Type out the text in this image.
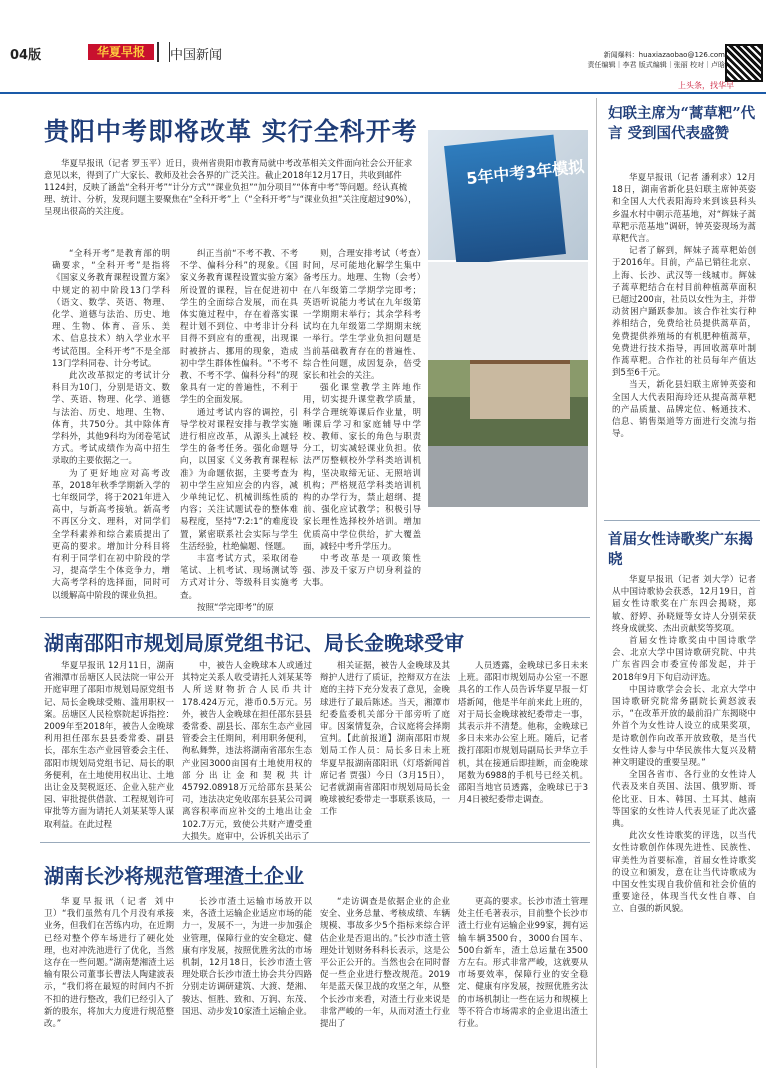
04版	华夏早报	中国新闻	新闻爆料：huaxiazaobao@126.com
责任编辑｜李君 版式编辑｜张丽 校对｜卢晗
上头条，找华早
贵阳中考即将改革 实行全科开考
华夏早报讯（记者 罗玉平）近日，贵州省贵阳市教育局就中考改革相关文件面向社会公开征求意见以来，得到了广大家长、教师及社会各界的广泛关注。截止2018年12月17日，共收到邮件1124封，反映了涵盖“全科开考”“计分方式”“课业负担”“加分项目”“体育中考”等问题。经认真梳理、统计、分析，发现问题主要聚焦在“全科开考”上（“全科开考”与“课业负担”关注度超过90%），呈现出很高的关注度。

“全科开考”是教育部的明确要求，“全科开考”是指将《国家义务教育课程设置方案》中规定的初中阶段13门学科（语文、数学、英语、物理、化学、道德与法治、历史、地理、生物、体育、音乐、美术、信息技术）纳入学业水平考试范围。全科开考”不是全部13门学科同卷、计分考试。

此次改革拟定的考试计分科目为10门，分别是语文、数学、英语、物理、化学、道德与法治、历史、地理、生物、体育，共750分。其中除体育学科外，其他9科均为闭卷笔试方式。考试成绩作为高中招生录取的主要依据之一。

为了更好地应对高考改革，2018年秋季学期新入学的七年级同学，将于2021年进入高中，与新高考接轨。新高考不再区分文、理科，对同学们全学科素养和综合素质提出了更高的要求。增加计分科目将有利于同学们在初中阶段的学习，提高学生个体竞争力，增大高考学科的选择面，同时可以缓解高中阶段的课业负担。

纠正当前“不考不教、不考不学、偏科分科”的现象。《国家义务教育课程设置实验方案》所设置的课程，旨在促进初中学生的全面综合发展，而在具体实施过程中，存在着落实课程计划不到位、中考非计分科目得不到应有的重视，出现课时被挤占、挪用的现象，造成初中学生群体性偏科。“不考不教、不考不学、偏科分科”的现象具有一定的普遍性，不利于学生的全面发展。

通过考试内容的调控，引导学校对课程安排与教学实施进行相应改革，从源头上减轻学生的备考任务。强化命题导向，以国家《义务教育课程标准》为命题依据，主要考查为初中学生应知应会的内容，减少单纯记忆、机械训练性质的内容；关注试题试卷的整体难易程度，坚持“7:2:1”的难度设置，紧密联系社会实际与学生生活经验，杜绝偏题、怪题。

丰富考试方式，采取闭卷笔试、上机考试、现场测试等方式对计分、等级科目实施考查。

按照“学完即考”的原

则，合理安排考试（考查）时间，尽可能地化解学生集中备考压力。地理、生物（会考）在八年级第二学期学完即考；英语听说能力考试在九年级第一学期期末举行；其余学科考试均在九年级第二学期期末统一举行。学生学业负担问题是当前基础教育存在的普遍性、综合性问题，成因复杂，倍受家长和社会的关注。

强化课堂教学主阵地作用，切实提升课堂教学质量，科学合理统筹课后作业量，明晰课后学习和家庭辅导中学校、教师、家长的角色与职责分工，切实减轻课业负担。依法严厉整顿校外学科类培训机构，坚决取缔无证、无照培训机构；严格规范学科类培训机构的办学行为，禁止超纲、提前、强化应试教学；积极引导家长理性选择校外培训。增加优质高中学位供给，扩大覆盖面，减轻中考升学压力。

中考改革是一项政策性强、涉及千家万户切身利益的大事。

5年中考3年模拟
湖南邵阳市规划局原党组书记、局长金晚球受审

华夏早报讯 12月11日，湖南省湘潭市岳塘区人民法院一审公开开庭审理了邵阳市规划局原党组书记、局长金晚球受贿、滥用职权一案。岳塘区人民检察院起诉指控：2009年至2018年，被告人金晚球利用担任邵东县县委常委、副县长，邵东生态产业园管委会主任、邵阳市规划局党组书记、局长的职务便利，在土地使用权出让、土地出让金及契税返还、企业入驻产业园、审批提供借款、工程规划许可审批等方面为请托人刘某某等人谋取利益。在此过程

中，被告人金晚球本人或通过其特定关系人收受请托人刘某某等人所送财物折合人民币共计178.424万元，港币0.5万元。另外，被告人金晚球在担任邵东县县委常委、副县长、邵东生态产业园管委会主任期间，利用职务便利，徇私舞弊，违法将湖南省邵东生态产业园3000亩国有土地使用权的部分出让金和契税共计45792.08918万元给邵东县某公司，违法决定免收邵东县某公司调离容积率而应补交的土地出让金102.7万元，致使公共财产遭受重大损失。庭审中，公诉机关出示了

相关证据，被告人金晚球及其辩护人进行了质证，控辩双方在法庭的主持下充分发表了意见，金晚球进行了最后陈述。当天，湘潭市纪委监委机关部分干部旁听了庭审。因案情复杂，合议庭将会择期宣判。【此前报道】湖南邵阳市规划局工作人员：局长多日未上班 华夏早报湖南邵阳讯（灯塔新闻首席记者 贾强）今日（3月15日），记者就湖南省邵阳市规划局局长金晚球被纪委带走一事联系该局，一工作

人员透露，金晚球已多日未来上班。邵阳市规划局办公室一不愿具名的工作人员告诉华夏早报－灯塔新闻，他是半年前来此上班的，对于局长金晚球被纪委带走一事，其表示并不清楚。他称，金晚球已多日未来办公室上班。随后，记者拨打邵阳市规划局副局长尹华立手机，其在接通后即挂断，而金晚球尾数为6988的手机号已经关机。邵阳当地官员透露，金晚球已于3月4日被纪委带走调查。

湖南长沙将规范管理渣土企业

华夏早报讯（记者 刘中卫）“我们虽然有几个月没有承接业务，但我们在苦练内功，在近期已经对整个停车场进行了硬化处理，也对冲洗池进行了优化，当然这存在一些问题。”湖南楚湘渣土运输有限公司董事长曹法人陶建波表示，“我们将在最短的时间内不折不扣的进行整改，我们已经引入了新的股东，将加大力度进行规范整改。”

长沙市渣土运输市场放开以来，各渣土运输企业适应市场的能力一，发展不一，为进一步加强企业管理，保障行业的安全稳定、健康有序发展，按照优胜劣汰的市场机制，12月18日，长沙市渣土管理处联合长沙市渣土协会共分四路分别走访调研建筑、大渡、楚湘、骏达、恒胜、致和、万润、东茂、国迅、动步发10家渣土运输企业。

“走访调查是依据企业的企业安全、业务总量、考核成绩、车辆规模、事故多少5个指标来综合评估企业是否退出的。”长沙市渣土管理处计划财务科科长表示，这是公平公正公开的。当然也会在同时督促一些企业进行整改规范。2019年是蓝天保卫战的攻坚之年，从整个长沙市来看，对渣土行业来说是非常严峻的一年，从而对渣土行业提出了

更高的要求。长沙市渣土管理处主任毛著表示，目前整个长沙市渣土行业有运输企业99家，拥有运输车辆3500台，3000台国车、500台新车，渣土总运量在3500方左右。形式非常严峻，这就要从市场要效率，保障行业的安全稳定、健康有序发展，按照优胜劣汰的市场机制让一些在运力和规模上等不符合市场需求的企业退出渣土行业。

妇联主席为“蒿草粑”代言 受到国代表盛赞

华夏早报讯（记者 潘利求）12月18日，湖南省新化县妇联主席钟英姿和全国人大代表阳海玲来到该县科头乡温水村中朝示范基地，对“辉妹子蒿草粑示范基地”调研，钟英姿现场为蒿草粑代言。

记者了解到，辉妹子蒿草粑始创于2016年。目前，产品已销往北京、上海、长沙、武汉等一线城市。辉妹子蒿草粑结合在村目前种植蒿草面积已超过200亩，社员以女性为主，并带动贫困户踊跃参加。该合作社实行种养相结合，免费给社员提供蒿草苗，免费提供养殖场的有机肥种植蒿草，免费进行技术指导，再回收蒿草叶制作蒿草粑。合作社的社员每年产值达到5至6千元。

当天，新化县妇联主席钟英姿和全国人大代表阳海玲还从提高蒿草粑的产品质量、品牌定位、畅通技术、信息、销售渠道等方面进行交流与指导。

首届女性诗歌奖广东揭晓

华夏早报讯（记者 刘大学）记者从中国诗歌协会获悉，12月19日，首届女性诗歌奖在广东四会揭晓，郑敏、舒婷、孙晓娅等女诗人分别荣获终身成就奖、杰出贡献奖等奖项。

首届女性诗歌奖由中国诗歌学会、北京大学中国诗歌研究院、中共广东省四会市委宣传部发起，并于2018年9月下旬启动评选。

中国诗歌学会会长、北京大学中国诗歌研究院常务副院长黄怒波表示，“在改革开放的最前沿广东揭晓中外首个为女性诗人设立的成果奖项，是诗歌创作向改革开放致敬，是当代女性诗人参与中华民族伟大复兴及精神文明建设的重要呈现。”

全国各省市、各行业的女性诗人代表及来自英国、法国、俄罗斯、哥伦比亚、日本、韩国、土耳其、越南等国家的女性诗人代表见证了此次盛典。

此次女性诗歌奖的评选，以当代女性诗歌创作体现先进性、民族性、审美性为首要标准，首届女性诗歌奖的设立和颁发，意在让当代诗歌成为中国女性实现自我价值和社会价值的重要途径，体现当代女性自尊、自立、自强的新风貌。
